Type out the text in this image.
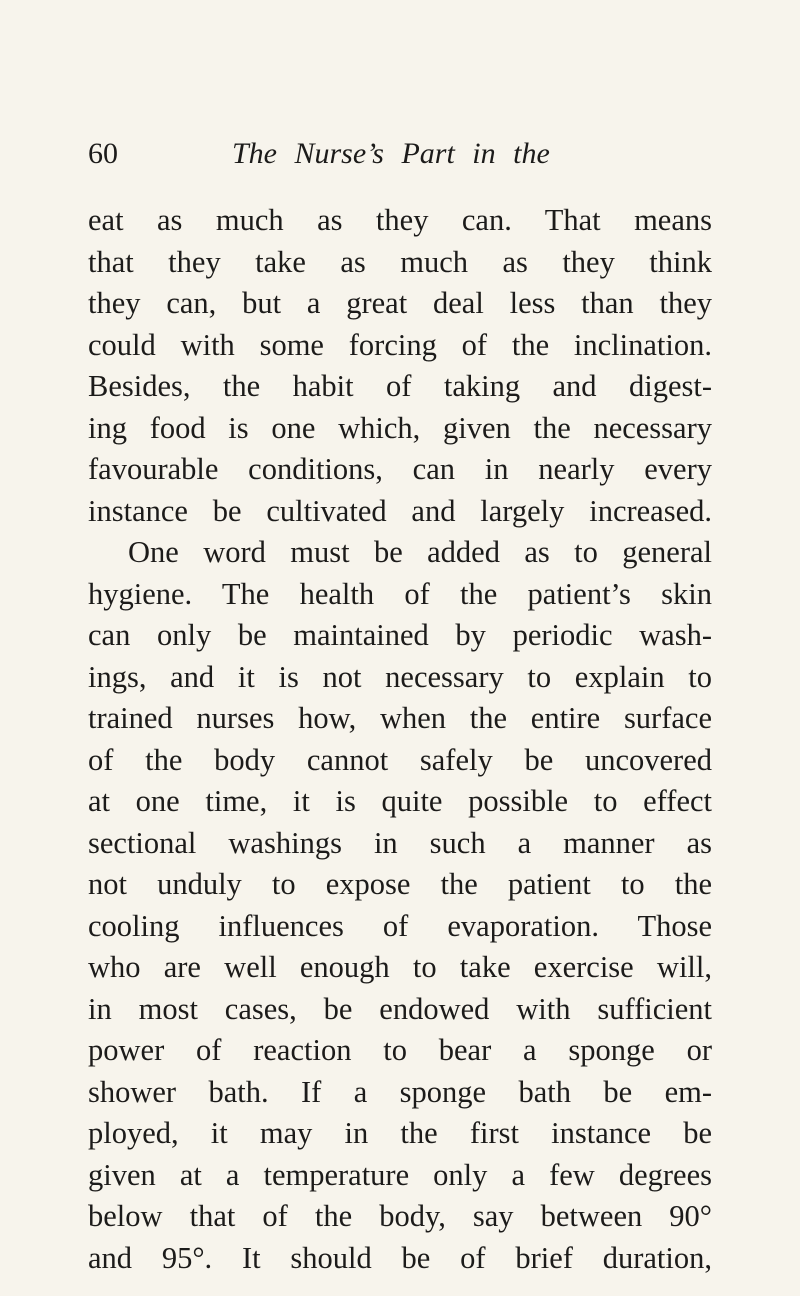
60	The Nurse’s Part in the
eat as much as they can. That means
that they take as much as they think
they can, but a great deal less than they
could with some forcing of the inclination.
Besides, the habit of taking and digest-
ing food is one which, given the necessary
favourable conditions, can in nearly every
instance be cultivated and largely increased.
One word must be added as to general
hygiene. The health of the patient’s skin
can only be maintained by periodic wash-
ings, and it is not necessary to explain to
trained nurses how, when the entire surface
of the body cannot safely be uncovered
at one time, it is quite possible to effect
sectional washings in such a manner as
not unduly to expose the patient to the
cooling influences of evaporation. Those
who are well enough to take exercise will,
in most cases, be endowed with sufficient
power of reaction to bear a sponge or
shower bath. If a sponge bath be em-
ployed, it may in the first instance be
given at a temperature only a few degrees
below that of the body, say between 90°
and 95°. It should be of brief duration,
